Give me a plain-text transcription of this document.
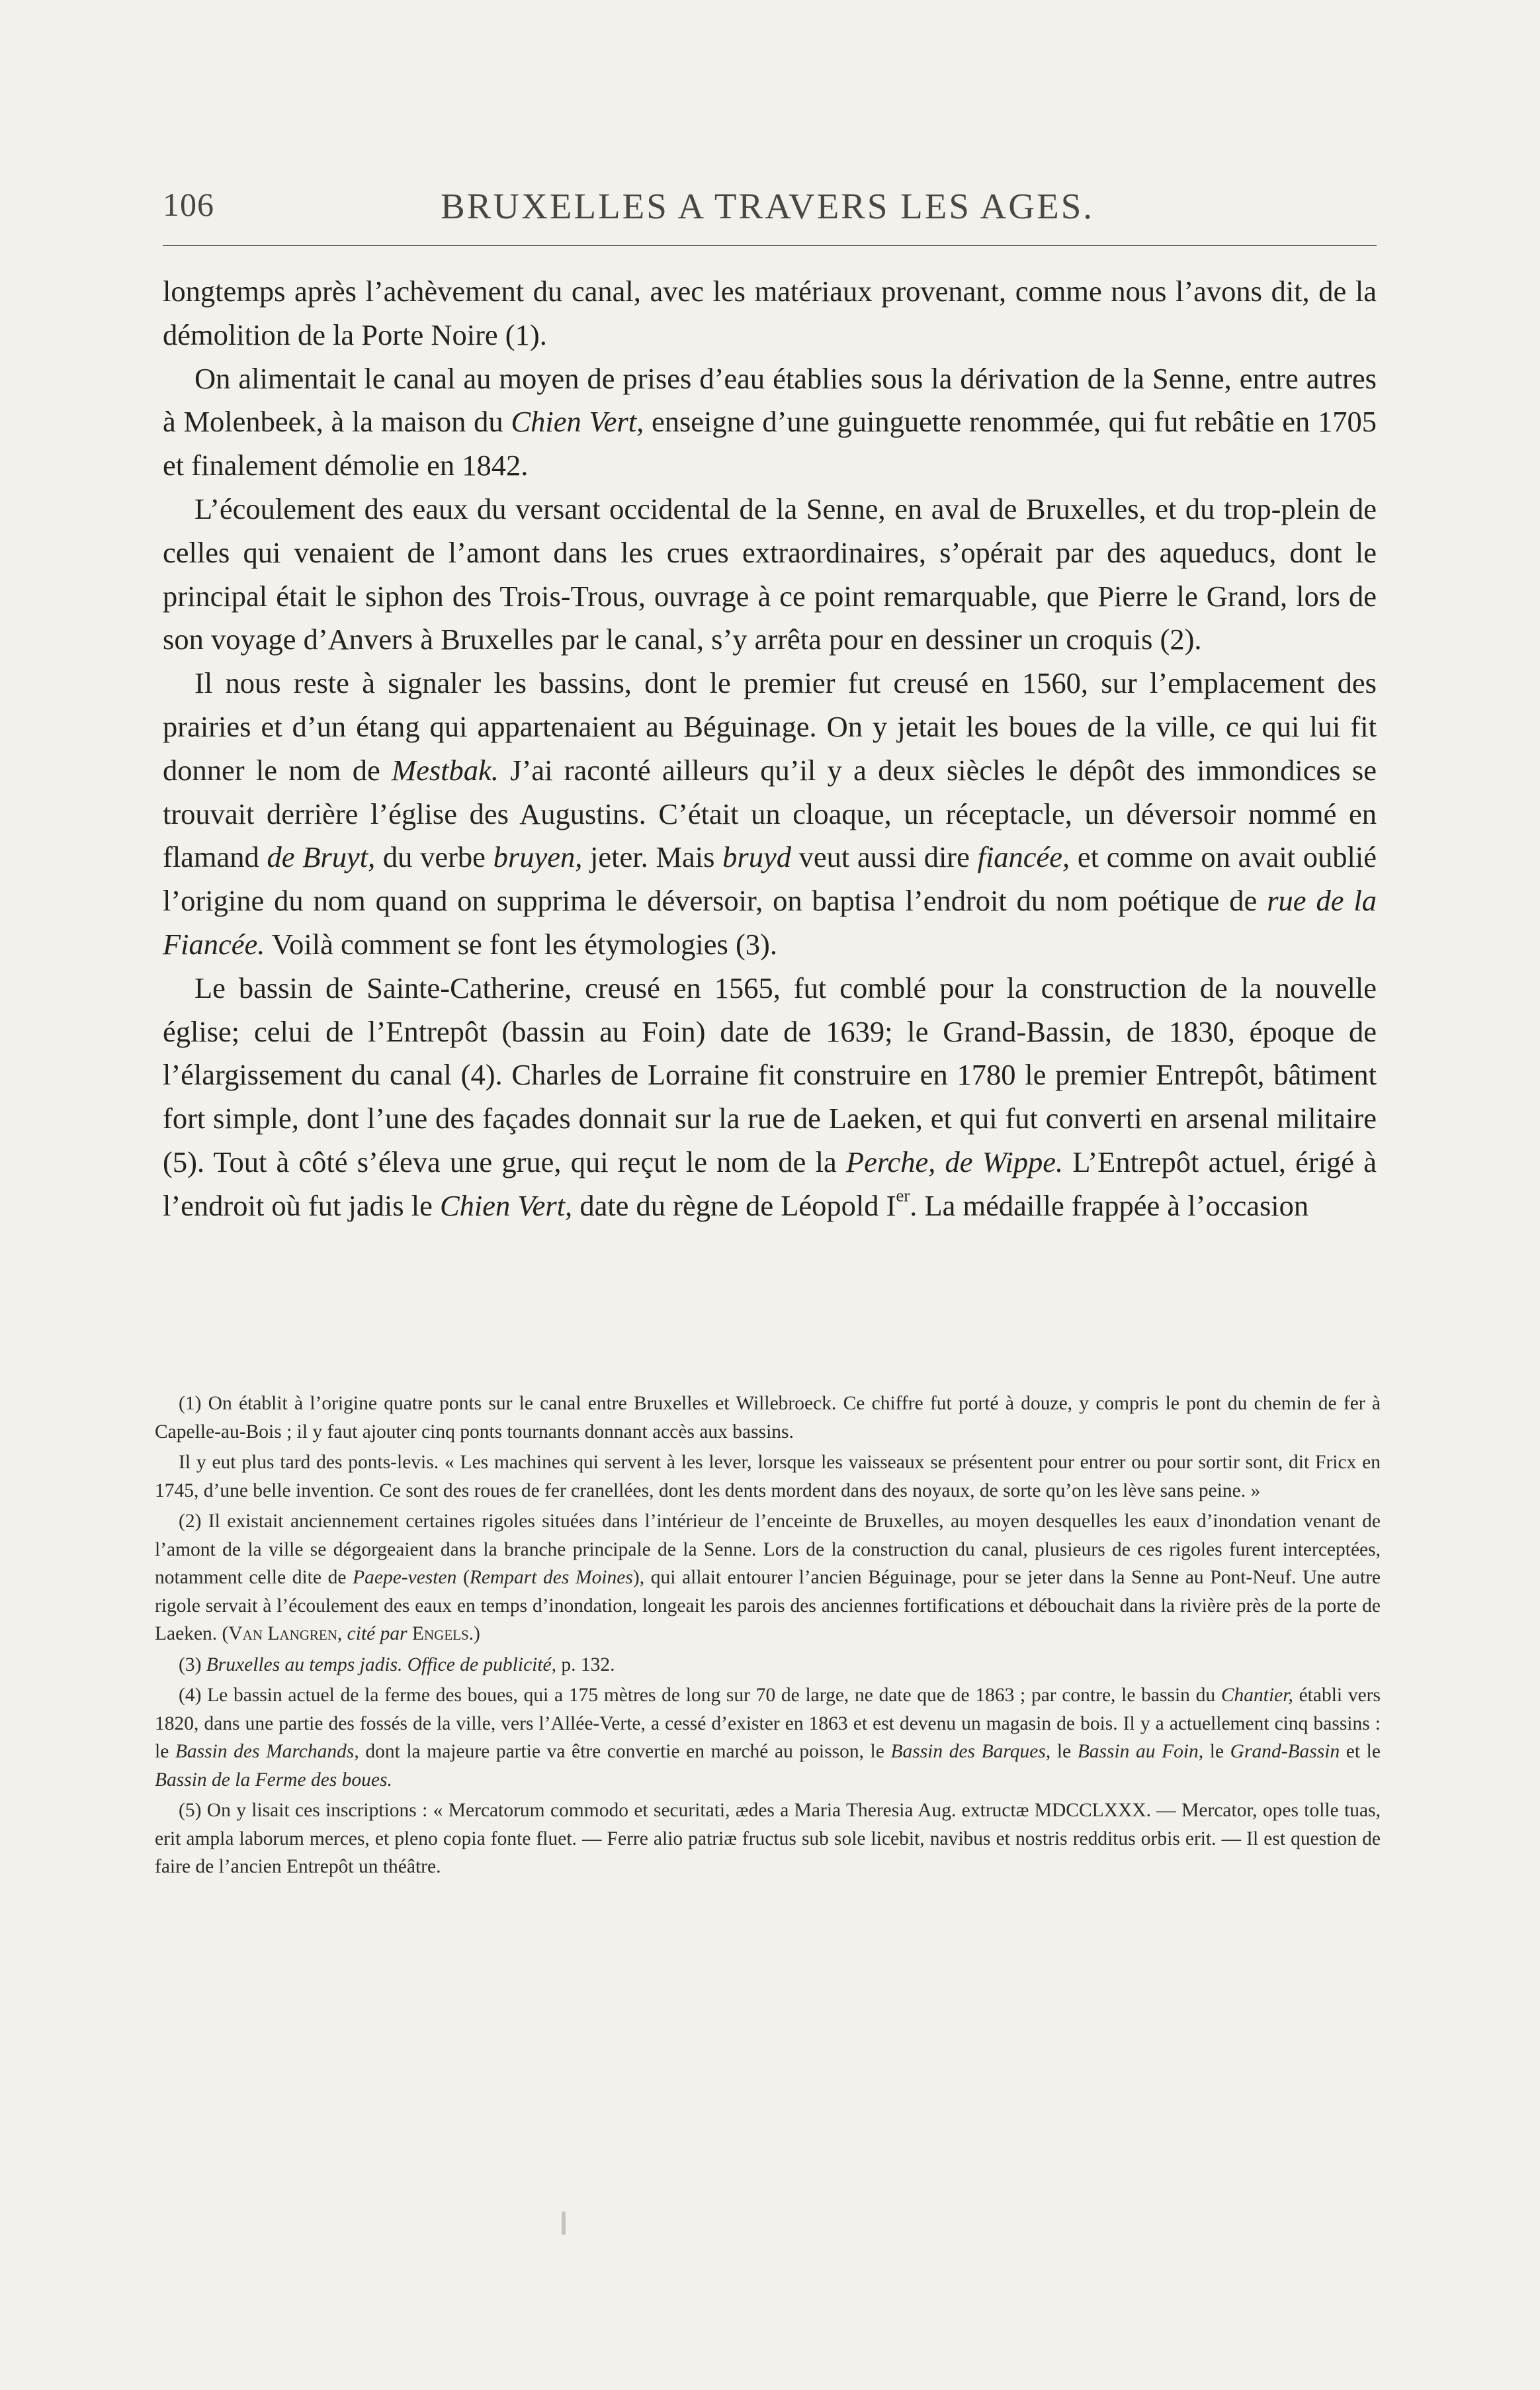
106	BRUXELLES A TRAVERS LES AGES.

longtemps après l’achèvement du canal, avec les matériaux provenant, comme nous l’avons dit, de la démolition de la Porte Noire (1).

On alimentait le canal au moyen de prises d’eau établies sous la dérivation de la Senne, entre autres à Molenbeek, à la maison du Chien Vert, enseigne d’une guinguette renommée, qui fut rebâtie en 1705 et finalement démolie en 1842.

L’écoulement des eaux du versant occidental de la Senne, en aval de Bruxelles, et du trop-plein de celles qui venaient de l’amont dans les crues extraordinaires, s’opérait par des aqueducs, dont le principal était le siphon des Trois-Trous, ouvrage à ce point remarquable, que Pierre le Grand, lors de son voyage d’Anvers à Bruxelles par le canal, s’y arrêta pour en dessiner un croquis (2).

Il nous reste à signaler les bassins, dont le premier fut creusé en 1560, sur l’emplacement des prairies et d’un étang qui appartenaient au Béguinage. On y jetait les boues de la ville, ce qui lui fit donner le nom de Mestbak. J’ai raconté ailleurs qu’il y a deux siècles le dépôt des immondices se trouvait derrière l’église des Augustins. C’était un cloaque, un réceptacle, un déversoir nommé en flamand de Bruyt, du verbe bruyen, jeter. Mais bruyd veut aussi dire fiancée, et comme on avait oublié l’origine du nom quand on supprima le déversoir, on baptisa l’endroit du nom poétique de rue de la Fiancée. Voilà comment se font les étymologies (3).

Le bassin de Sainte-Catherine, creusé en 1565, fut comblé pour la construction de la nouvelle église; celui de l’Entrepôt (bassin au Foin) date de 1639; le Grand-Bassin, de 1830, époque de l’élargissement du canal (4). Charles de Lorraine fit construire en 1780 le premier Entrepôt, bâtiment fort simple, dont l’une des façades donnait sur la rue de Laeken, et qui fut converti en arsenal militaire (5). Tout à côté s’éleva une grue, qui reçut le nom de la Perche, de Wippe. L’Entrepôt actuel, érigé à l’endroit où fut jadis le Chien Vert, date du règne de Léopold Ier. La médaille frappée à l’occasion

(1) On établit à l’origine quatre ponts sur le canal entre Bruxelles et Willebroeck. Ce chiffre fut porté à douze, y compris le pont du chemin de fer à Capelle-au-Bois ; il y faut ajouter cinq ponts tournants donnant accès aux bassins.

Il y eut plus tard des ponts-levis. « Les machines qui servent à les lever, lorsque les vaisseaux se présentent pour entrer ou pour sortir sont, dit Fricx en 1745, d’une belle invention. Ce sont des roues de fer cranellées, dont les dents mordent dans des noyaux, de sorte qu’on les lève sans peine. »

(2) Il existait anciennement certaines rigoles situées dans l’intérieur de l’enceinte de Bruxelles, au moyen desquelles les eaux d’inondation venant de l’amont de la ville se dégorgeaient dans la branche principale de la Senne. Lors de la construction du canal, plusieurs de ces rigoles furent interceptées, notamment celle dite de Paepe-vesten (Rempart des Moines), qui allait entourer l’ancien Béguinage, pour se jeter dans la Senne au Pont-Neuf. Une autre rigole servait à l’écoulement des eaux en temps d’inondation, longeait les parois des anciennes fortifications et débouchait dans la rivière près de la porte de Laeken. (Van Langren, cité par Engels.)

(3) Bruxelles au temps jadis. Office de publicité, p. 132.

(4) Le bassin actuel de la ferme des boues, qui a 175 mètres de long sur 70 de large, ne date que de 1863 ; par contre, le bassin du Chantier, établi vers 1820, dans une partie des fossés de la ville, vers l’Allée-Verte, a cessé d’exister en 1863 et est devenu un magasin de bois. Il y a actuellement cinq bassins : le Bassin des Marchands, dont la majeure partie va être convertie en marché au poisson, le Bassin des Barques, le Bassin au Foin, le Grand-Bassin et le Bassin de la Ferme des boues.

(5) On y lisait ces inscriptions : « Mercatorum commodo et securitati, ædes a Maria Theresia Aug. extructæ MDCCLXXX. — Mercator, opes tolle tuas, erit ampla laborum merces, et pleno copia fonte fluet. — Ferre alio patriæ fructus sub sole licebit, navibus et nostris redditus orbis erit. — Il est question de faire de l’ancien Entrepôt un théâtre.
